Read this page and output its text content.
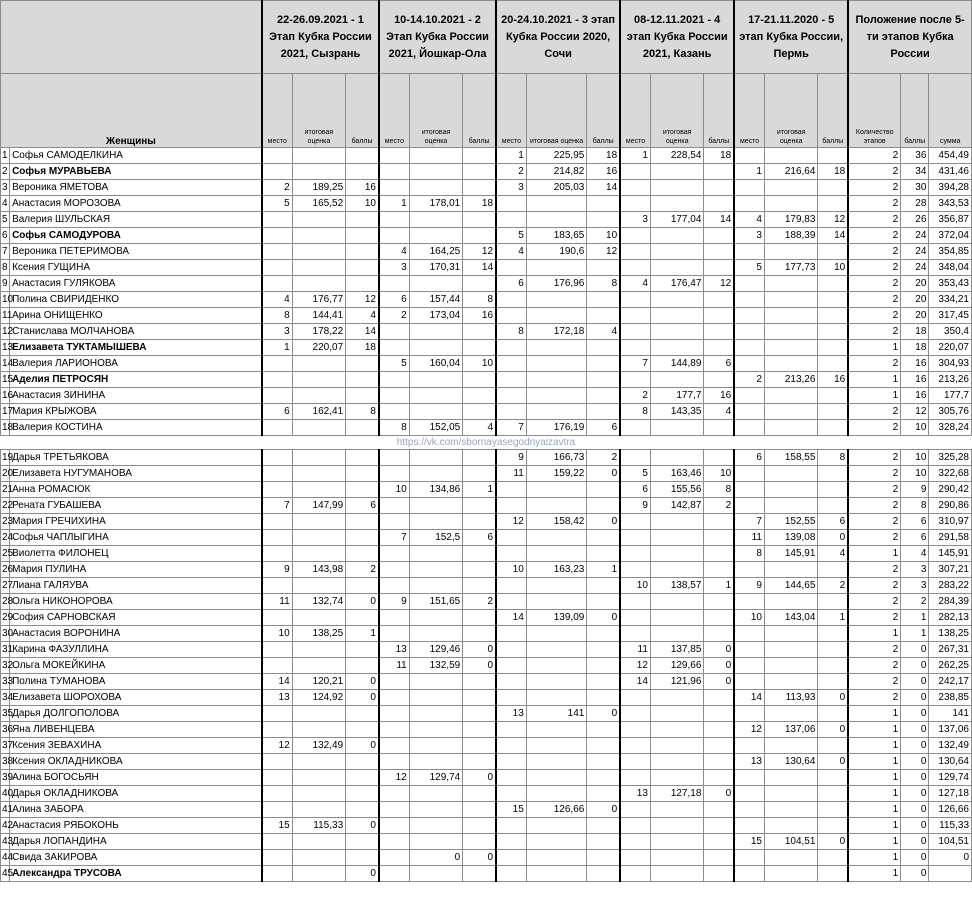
		22-26.09.2021 - 1 Этап Кубка России 2021, Сызрань			10-14.10.2021 - 2 Этап Кубка России 2021, Йошкар-Ола			20-24.10.2021 - 3 этап Кубка России 2020, Сочи			08-12.11.2021 - 4 этап Кубка России 2021, Казань			17-21.11.2020 - 5 этап Кубка России, Пермь			Положение после 5-ти этапов Кубка России		
Женщины		место	итоговая оценка	баллы	место	итоговая оценка	баллы	место	итоговая оценка	баллы	место	итоговая оценка	баллы	место	итоговая оценка	баллы	Количество этапов	баллы	сумма
1	Софья САМОДЕЛКИНА							1	225,95	18	1	228,54	18				2	36	454,49
2	Софья МУРАВЬЕВА							2	214,82	16				1	216,64	18	2	34	431,46
3	Вероника ЯМЕТОВА	2	189,25	16				3	205,03	14							2	30	394,28
4	Анастасия МОРОЗОВА	5	165,52	10	1	178,01	18										2	28	343,53
5	Валерия ШУЛЬСКАЯ										3	177,04	14	4	179,83	12	2	26	356,87
6	Софья САМОДУРОВА							5	183,65	10				3	188,39	14	2	24	372,04
7	Вероника ПЕТЕРИМОВА				4	164,25	12	4	190,6	12							2	24	354,85
8	Ксения ГУЩИНА				3	170,31	14							5	177,73	10	2	24	348,04
9	Анастасия ГУЛЯКОВА							6	176,96	8	4	176,47	12				2	20	353,43
10	Полина СВИРИДЕНКО	4	176,77	12	6	157,44	8										2	20	334,21
11	Арина ОНИЩЕНКО	8	144,41	4	2	173,04	16										2	20	317,45
12	Станислава МОЛЧАНОВА	3	178,22	14				8	172,18	4							2	18	350,4
13	Елизавета ТУКТАМЫШЕВА	1	220,07	18													1	18	220,07
14	Валерия ЛАРИОНОВА				5	160,04	10				7	144,89	6				2	16	304,93
15	Аделия ПЕТРОСЯН													2	213,26	16	1	16	213,26
16	Анастасия ЗИНИНА										2	177,7	16				1	16	177,7
17	Мария КРЫЖОВА	6	162,41	8							8	143,35	4				2	12	305,76
18	Валерия КОСТИНА				8	152,05	4	7	176,19	6							2	10	328,24
https://vk.com/sbornayasegodnyaizavtra																			
19	Дарья ТРЕТЬЯКОВА							9	166,73	2				6	158,55	8	2	10	325,28
20	Елизавета НУГУМАНОВА							11	159,22	0	5	163,46	10				2	10	322,68
21	Анна РОМАСЮК				10	134,86	1				6	155,56	8				2	9	290,42
22	Рената ГУБАШЕВА	7	147,99	6							9	142,87	2				2	8	290,86
23	Мария ГРЕЧИХИНА							12	158,42	0				7	152,55	6	2	6	310,97
24	Софья ЧАПЛЫГИНА				7	152,5	6							11	139,08	0	2	6	291,58
25	Виолетта ФИЛОНЕЦ													8	145,91	4	1	4	145,91
26	Мария ПУЛИНА	9	143,98	2				10	163,23	1							2	3	307,21
27	Лиана ГАЛЯУВА										10	138,57	1	9	144,65	2	2	3	283,22
28	Ольга НИКОНОРОВА	11	132,74	0	9	151,65	2										2	2	284,39
29	София САРНОВСКАЯ							14	139,09	0				10	143,04	1	2	1	282,13
30	Анастасия ВОРОНИНА	10	138,25	1													1	1	138,25
31	Карина ФАЗУЛЛИНА				13	129,46	0				11	137,85	0				2	0	267,31
32	Ольга МОКЕЙКИНА				11	132,59	0				12	129,66	0				2	0	262,25
33	Полина ТУМАНОВА	14	120,21	0							14	121,96	0				2	0	242,17
34	Елизавета ШОРОХОВА	13	124,92	0										14	113,93	0	2	0	238,85
35	Дарья ДОЛГОПОЛОВА							13	141	0							1	0	141
36	Яна ЛИВЕНЦЕВА													12	137,06	0	1	0	137,06
37	Ксения ЗЕВАХИНА	12	132,49	0													1	0	132,49
38	Ксения ОКЛАДНИКОВА													13	130,64	0	1	0	130,64
39	Алина БОГОСЬЯН				12	129,74	0										1	0	129,74
40	Дарья ОКЛАДНИКОВА										13	127,18	0				1	0	127,18
41	Алина ЗАБОРА							15	126,66	0							1	0	126,66
42	Анастасия РЯБОКОНЬ	15	115,33	0													1	0	115,33
43	Дарья ЛОПАНДИНА													15	104,51	0	1	0	104,51
44	Свида ЗАКИРОВА					0	0										1	0	0
45	Александра ТРУСОВА			0													1	0	
